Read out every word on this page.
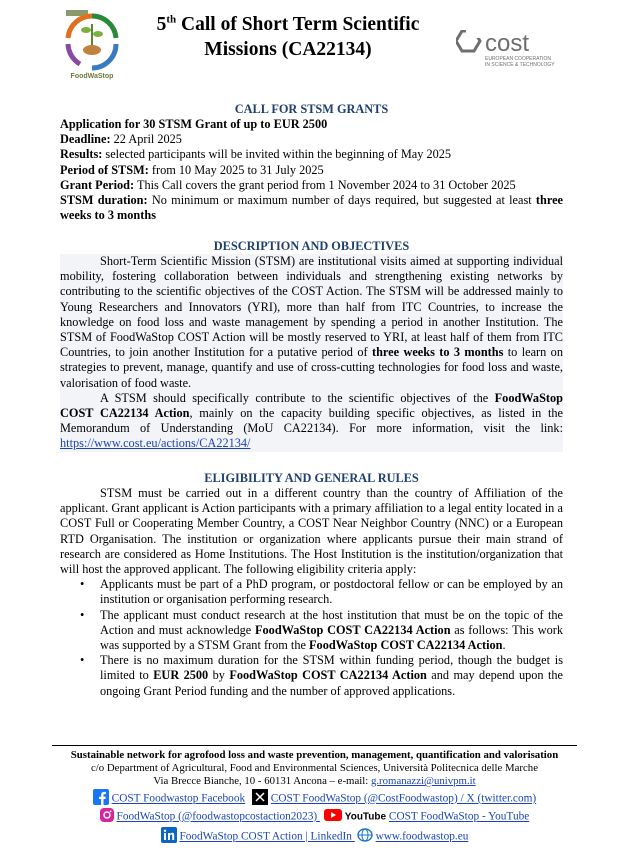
FoodWaStop
5th Call of Short Term Scientific
Missions (CA22134)	cost
EUROPEAN COOPERATION
IN SCIENCE & TECHNOLOGY
CALL FOR STSM GRANTS

Application for 30 STSM Grant of up to EUR 2500

Deadline: 22 April 2025

Results: selected participants will be invited within the beginning of May 2025

Period of STSM: from 10 May 2025 to 31 July 2025

Grant Period: This Call covers the grant period from 1 November 2024 to 31 October 2025

STSM duration: No minimum or maximum number of days required, but suggested at least three weeks to 3 months

DESCRIPTION AND OBJECTIVES

Short-Term Scientific Mission (STSM) are institutional visits aimed at supporting individual mobility, fostering collaboration between individuals and strengthening existing networks by contributing to the scientific objectives of the COST Action. The STSM will be addressed mainly to Young Researchers and Innovators (YRI), more than half from ITC Countries, to increase the knowledge on food loss and waste management by spending a period in another Institution. The STSM of FoodWaStop COST Action will be mostly reserved to YRI, at least half of them from ITC Countries, to join another Institution for a putative period of three weeks to 3 months to learn on strategies to prevent, manage, quantify and use of cross-cutting technologies for food loss and waste, valorisation of food waste.

A STSM should specifically contribute to the scientific objectives of the FoodWaStop COST CA22134 Action, mainly on the capacity building specific objectives, as listed in the Memorandum of Understanding (MoU CA22134). For more information, visit the link: https://www.cost.eu/actions/CA22134/

ELIGIBILITY AND GENERAL RULES

STSM must be carried out in a different country than the country of Affiliation of the applicant. Grant applicant is Action participants with a primary affiliation to a legal entity located in a COST Full or Cooperating Member Country, a COST Near Neighbor Country (NNC) or a European RTD Organisation. The institution or organization where applicants pursue their main strand of research are considered as Home Institutions. The Host Institution is the institution/organization that will host the approved applicant. The following eligibility criteria apply:

• Applicants must be part of a PhD program, or postdoctoral fellow or can be employed by an institution or organisation performing research.
• The applicant must conduct research at the host institution that must be on the topic of the Action and must acknowledge FoodWaStop COST CA22134 Action as follows: This work was supported by a STSM Grant from the FoodWaStop COST CA22134 Action.
• There is no maximum duration for the STSM within funding period, though the budget is limited to EUR 2500 by FoodWaStop COST CA22134 Action and may depend upon the ongoing Grant Period funding and the number of approved applications.
Sustainable network for agrofood loss and waste prevention, management, quantification and valorisation
c/o Department of Agricultural, Food and Environmental Sciences, Università Politecnica delle Marche
Via Brecce Bianche, 10 - 60131 Ancona – e-mail: g.romanazzi@univpm.it
COST Foodwastop Facebook COST FoodWaStop (@CostFoodwastop) / X (twitter.com)
FoodWaStop (@foodwastopcostaction2023)  YouTube COST FoodWaStop - YouTube
FoodWaStop COST Action | LinkedIn  www.foodwastop.eu
